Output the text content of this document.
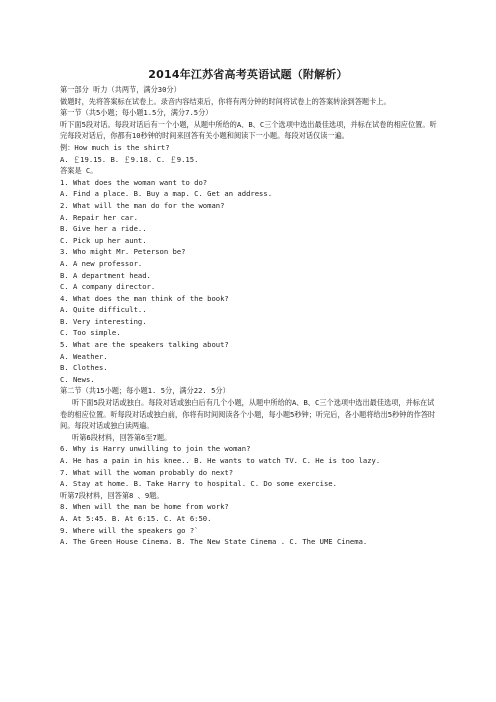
2014年江苏省高考英语试题（附解析）
第一部分 听力（共两节，满分30分）
做题时，先将答案标在试卷上。录音内容结束后，你将有两分钟的时间将试卷上的答案转涂到答题卡上。
第一节（共5小题；每小题1.5分，满分7.5分）
听下面5段对话。每段对话后有一个小题，从题中所给的A、B、C三个选项中选出最佳选项，并标在试卷的相应位置。听完每段对话后，你都有10秒钟的时间来回答有关小题和阅读下一小题。每段对话仅读一遍。
例：How much is the shirt?
A. ￡19.15. B. ￡9.18. C. ￡9.15.
答案是 C。
1. What does the woman want to do?
A. Find a place. B. Buy a map. C. Get an address.
2. What will the man do for the woman?
A. Repair her car.
B. Give her a ride..
C. Pick up her aunt.
3. Who might Mr. Peterson be?
A. A new professor.
B. A department head.
C. A company director.
4. What does the man think of the book?
A. Quite difficult..
B. Very interesting.
C. Too simple.
5. What are the speakers talking about?
A. Weather.
B. Clothes.
C. News.
第二节（共15小题；每小题1. 5分，满分22. 5分）
听下面5段对话或独白。每段对话或独白后有几个小题，从题中所给的A、B、C三个选项中选出最佳选项，并标在试卷的相应位置。听每段对话或独白前，你将有时间阅读各个小题，每小题5秒钟；听完后，各小题将给出5秒钟的作答时间。每段对话或独白读两遍。
听第6段材料，回答第6至7题。
6. Why is Harry unwilling to join the woman?
A. He has a pain in his knee.. B. He wants to watch TV. C. He is too lazy.
7. What will the woman probably do next?
A. Stay at home. B. Take Harry to hospital. C. Do some exercise.
听第7段材料，回答第8 、9题。
8. When will the man be home from work?
A. At 5:45. B. At 6:15. C. At 6:50.
9. Where will the speakers go ?`
A. The Green House Cinema. B. The New State Cinema . C. The UME Cinema.
